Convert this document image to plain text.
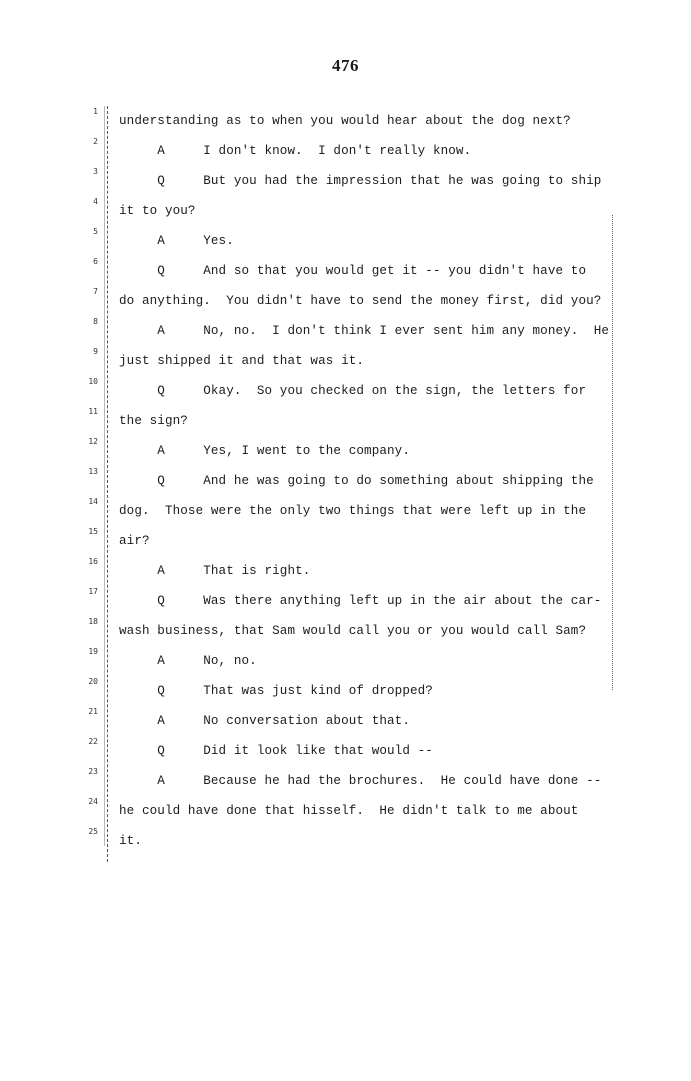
476
1
understanding as to when you would hear about the dog next?
2
A     I don't know.  I don't really know.
3
Q     But you had the impression that he was going to ship
4
it to you?
5
A     Yes.
6
Q     And so that you would get it -- you didn't have to
7
do anything.  You didn't have to send the money first, did you?
8
A     No, no.  I don't think I ever sent him any money.  He
9
just shipped it and that was it.
10
Q     Okay.  So you checked on the sign, the letters for
11
the sign?
12
A     Yes, I went to the company.
13
Q     And he was going to do something about shipping the
14
dog.  Those were the only two things that were left up in the
15
air?
16
A     That is right.
17
Q     Was there anything left up in the air about the car-
18
wash business, that Sam would call you or you would call Sam?
19
A     No, no.
20
Q     That was just kind of dropped?
21
A     No conversation about that.
22
Q     Did it look like that would --
23
A     Because he had the brochures.  He could have done --
24
he could have done that hisself.  He didn't talk to me about
25
it.
